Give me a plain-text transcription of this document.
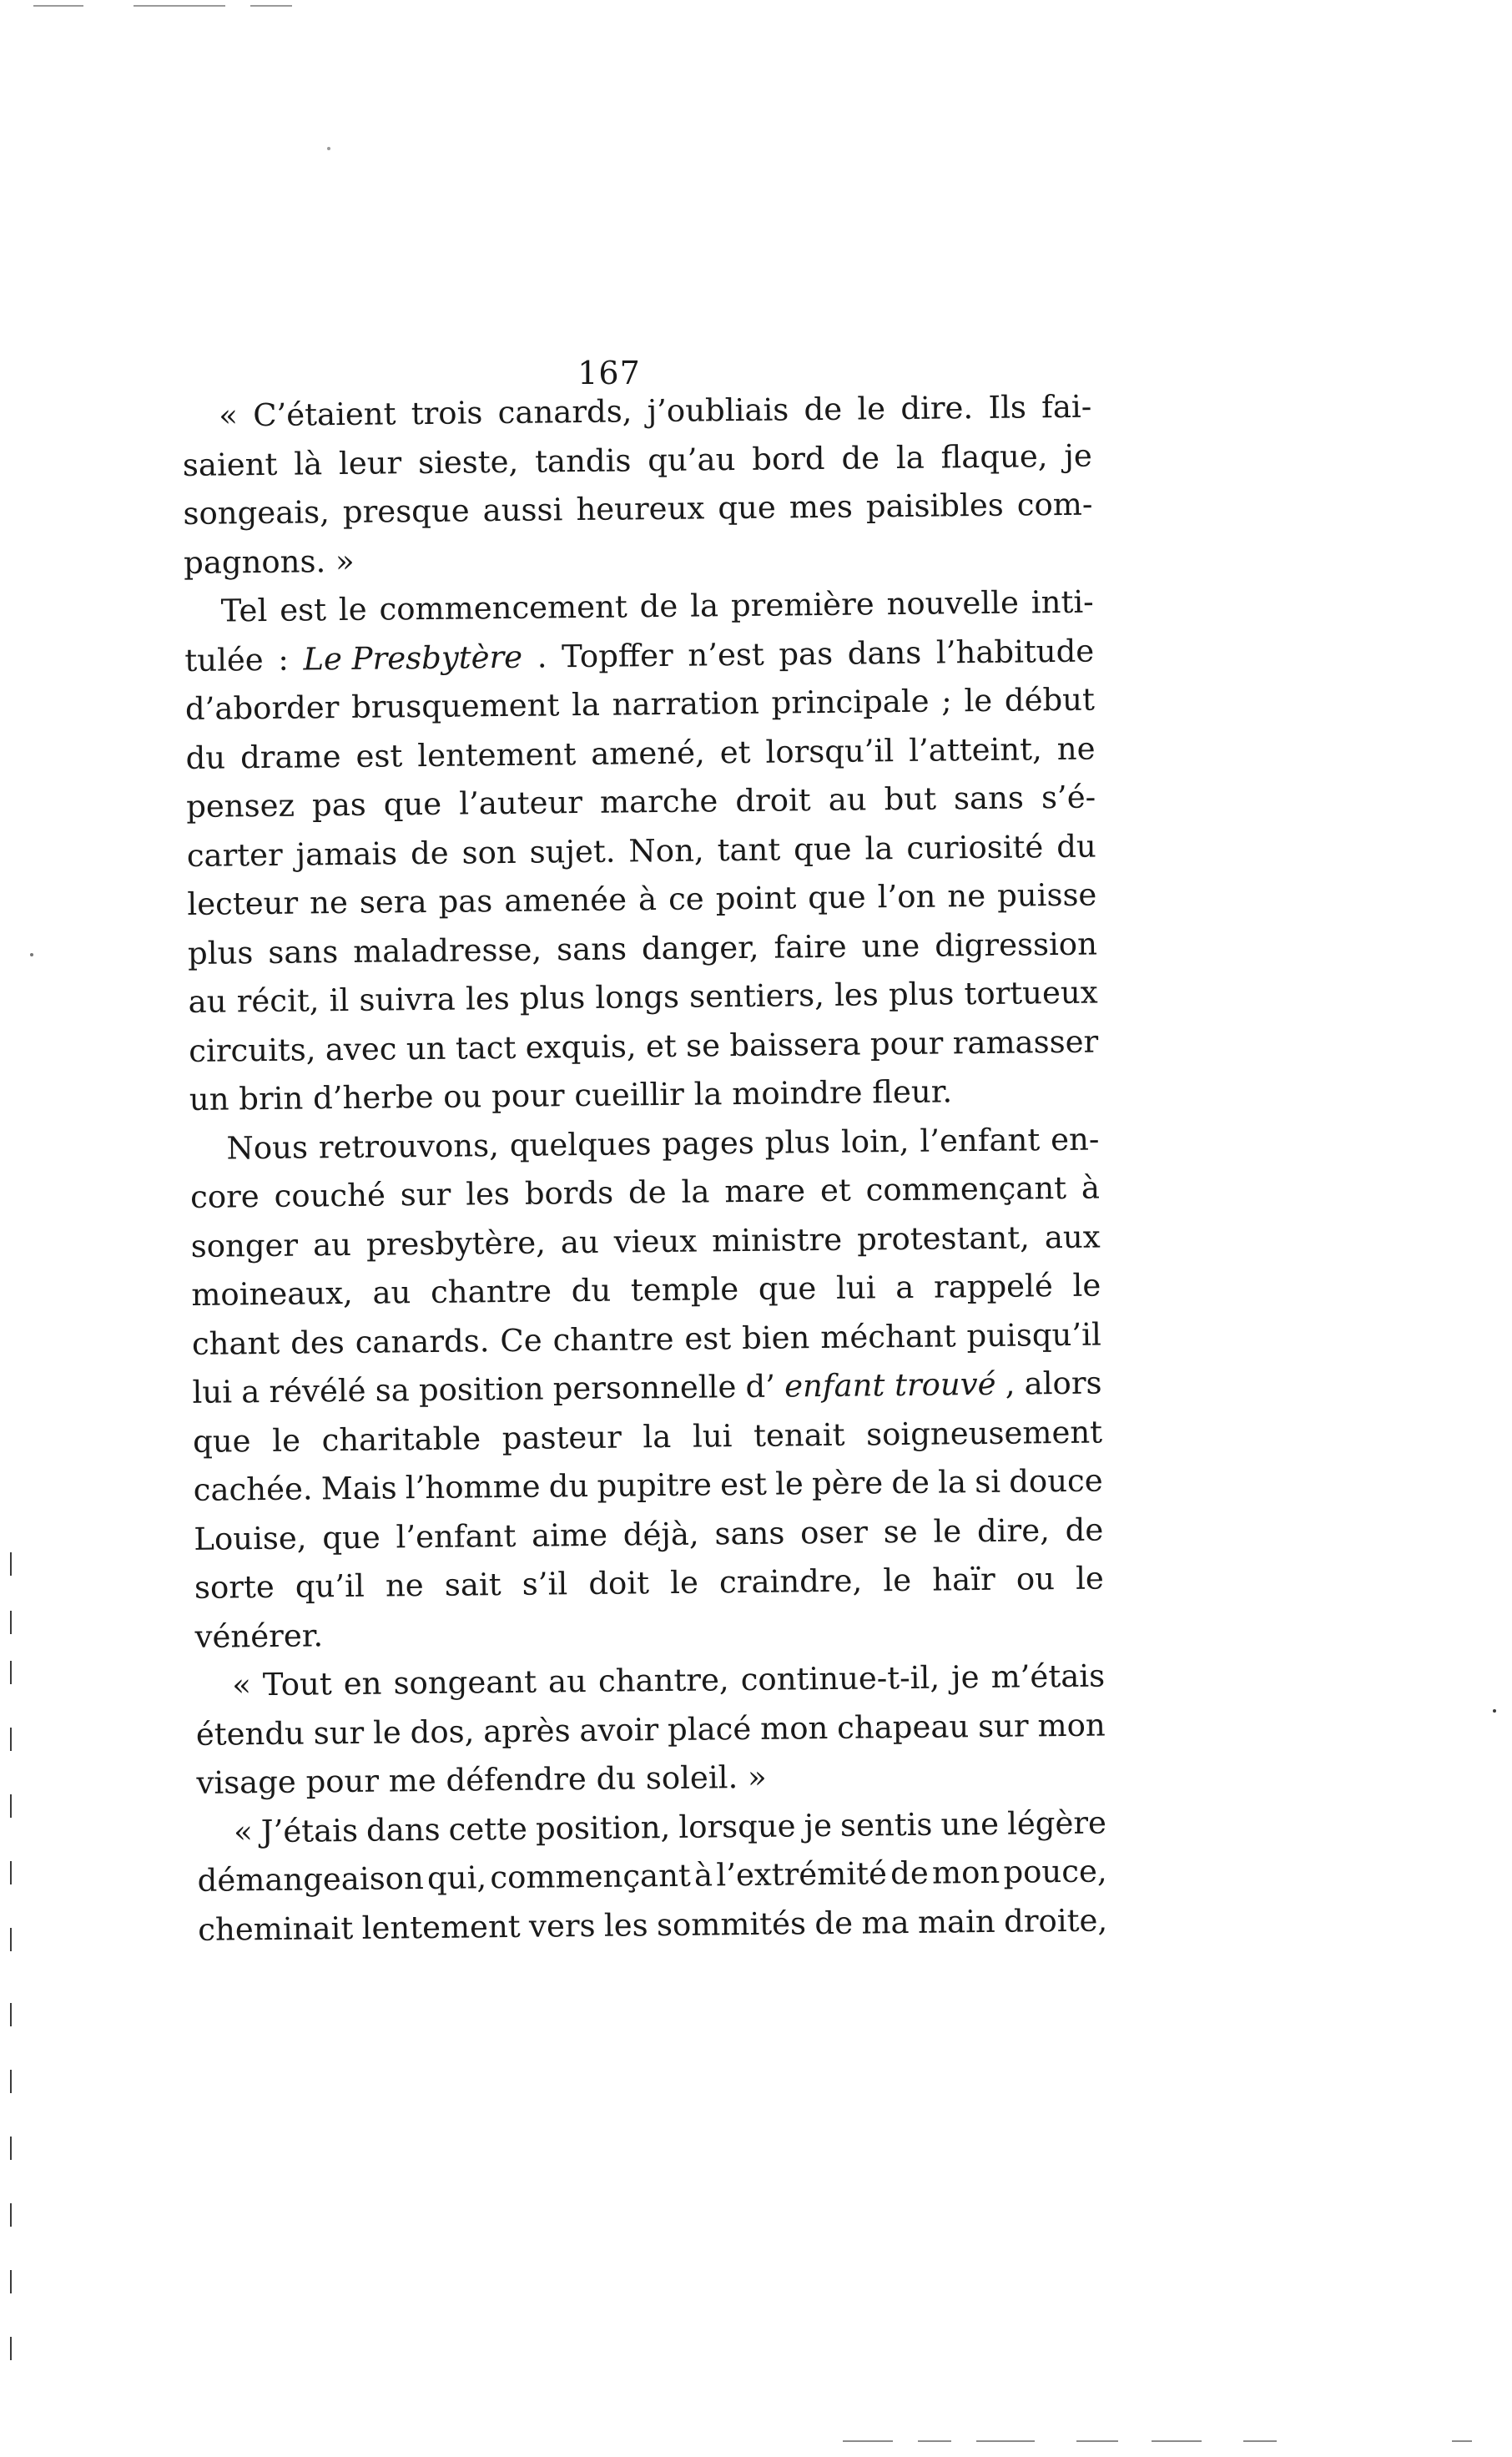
167
« C’étaient trois canards, j’oubliais de le dire. Ils fai-
saient là leur sieste, tandis qu’au bord de la flaque, je
songeais, presque aussi heureux que mes paisibles com-
pagnons. »
Tel est le commencement de la première nouvelle inti-
tulée : Le Presbytère . Topffer n’est pas dans l’habitude
d’aborder brusquement la narration principale ; le début
du drame est lentement amené, et lorsqu’il l’atteint, ne
pensez pas que l’auteur marche droit au but sans s’é-
carter jamais de son sujet. Non, tant que la curiosité du
lecteur ne sera pas amenée à ce point que l’on ne puisse
plus sans maladresse, sans danger, faire une digression
au récit, il suivra les plus longs sentiers, les plus tortueux
circuits, avec un tact exquis, et se baissera pour ramasser
un brin d’herbe ou pour cueillir la moindre fleur.
Nous retrouvons, quelques pages plus loin, l’enfant en-
core couché sur les bords de la mare et commençant à
songer au presbytère, au vieux ministre protestant, aux
moineaux, au chantre du temple que lui a rappelé le
chant des canards. Ce chantre est bien méchant puisqu’il
lui a révélé sa position personnelle d’ enfant trouvé , alors
que le charitable pasteur la lui tenait soigneusement
cachée. Mais l’homme du pupitre est le père de la si douce
Louise, que l’enfant aime déjà, sans oser se le dire, de
sorte qu’il ne sait s’il doit le craindre, le haïr ou le
vénérer.
« Tout en songeant au chantre, continue-t-il, je m’étais
étendu sur le dos, après avoir placé mon chapeau sur mon
visage pour me défendre du soleil. »
« J’étais dans cette position, lorsque je sentis une légère
démangeaison qui, commençant à l’extrémité de mon pouce,
cheminait lentement vers les sommités de ma main droite,
